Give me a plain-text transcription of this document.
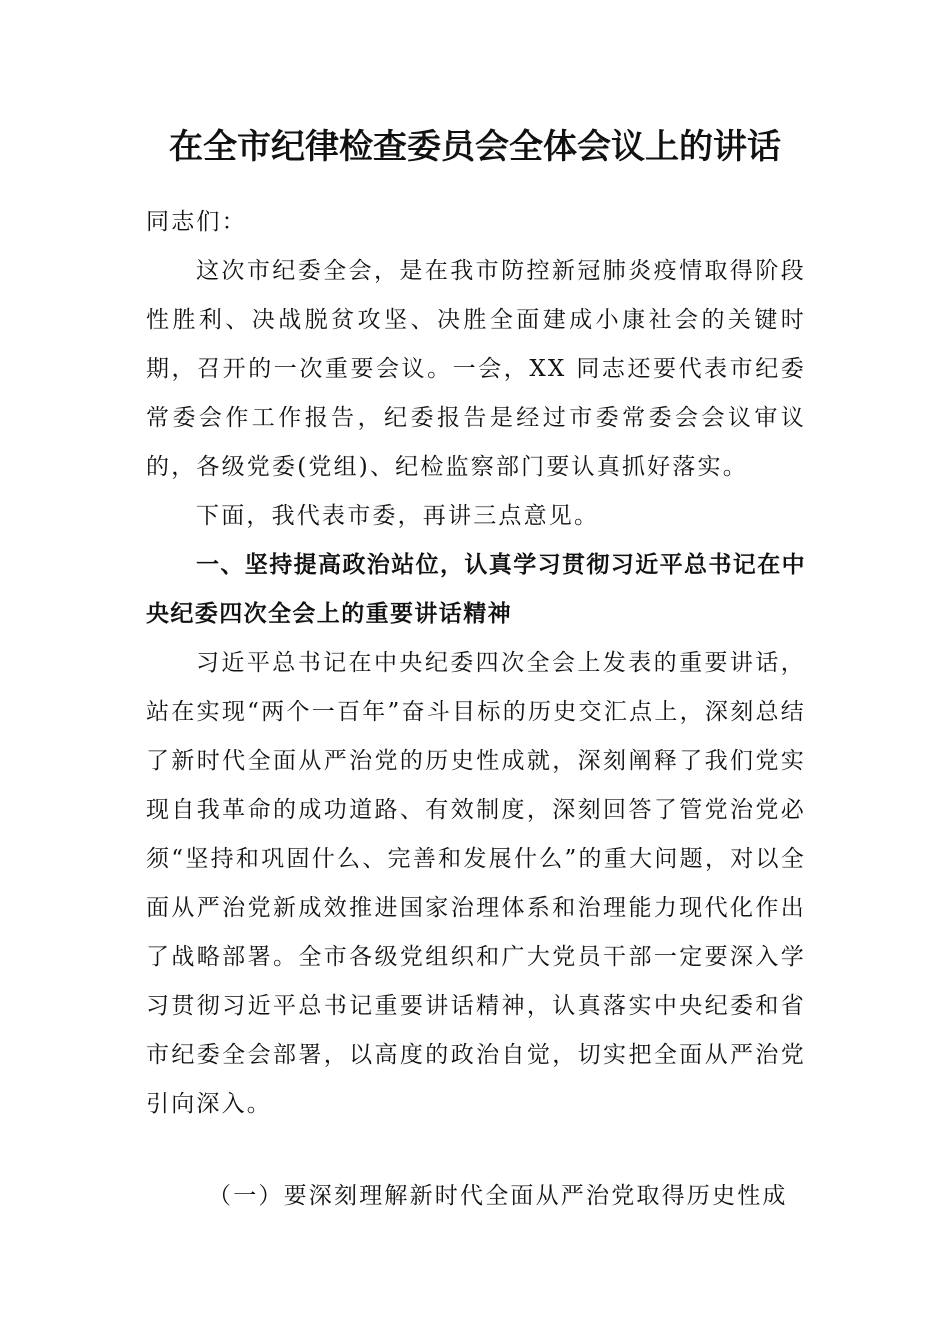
在全市纪律检查委员会全体会议上的讲话

同志们：

这次市纪委全会，是在我市防控新冠肺炎疫情取得阶段性胜利、决战脱贫攻坚、决胜全面建成小康社会的关键时期，召开的一次重要会议。一会，XX 同志还要代表市纪委常委会作工作报告，纪委报告是经过市委常委会会议审议的，各级党委(党组)、纪检监察部门要认真抓好落实。

下面，我代表市委，再讲三点意见。

一、坚持提高政治站位，认真学习贯彻习近平总书记在中央纪委四次全会上的重要讲话精神

习近平总书记在中央纪委四次全会上发表的重要讲话，站在实现“两个一百年”奋斗目标的历史交汇点上，深刻总结了新时代全面从严治党的历史性成就，深刻阐释了我们党实现自我革命的成功道路、有效制度，深刻回答了管党治党必须“坚持和巩固什么、完善和发展什么”的重大问题，对以全面从严治党新成效推进国家治理体系和治理能力现代化作出了战略部署。全市各级党组织和广大党员干部一定要深入学习贯彻习近平总书记重要讲话精神，认真落实中央纪委和省市纪委全会部署，以高度的政治自觉，切实把全面从严治党引向深入。

（一）要深刻理解新时代全面从严治党取得历史性成
